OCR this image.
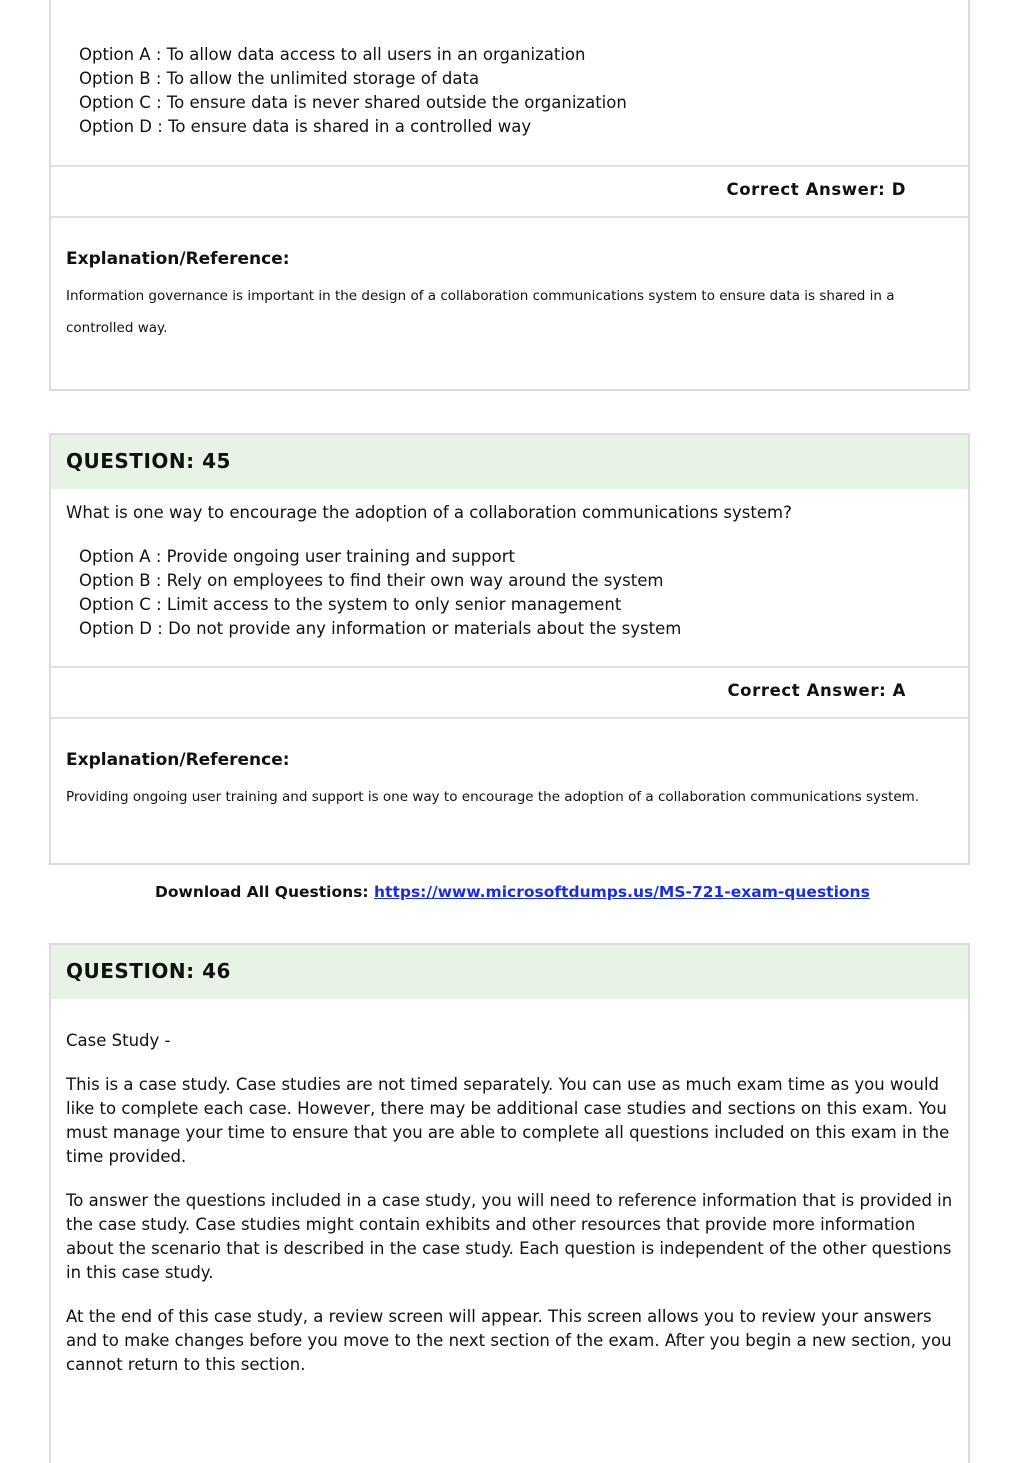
Option A : To allow data access to all users in an organization
Option B : To allow the unlimited storage of data
Option C : To ensure data is never shared outside the organization
Option D : To ensure data is shared in a controlled way
Correct Answer: D
Explanation/Reference:
Information governance is important in the design of a collaboration communications system to ensure data is shared in a controlled way.
QUESTION: 45
What is one way to encourage the adoption of a collaboration communications system?
Option A : Provide ongoing user training and support
Option B : Rely on employees to find their own way around the system
Option C : Limit access to the system to only senior management
Option D : Do not provide any information or materials about the system
Correct Answer: A
Explanation/Reference:
Providing ongoing user training and support is one way to encourage the adoption of a collaboration communications system.
Download All Questions: https://www.microsoftdumps.us/MS-721-exam-questions
QUESTION: 46

Case Study -

This is a case study. Case studies are not timed separately. You can use as much exam time as you would like to complete each case. However, there may be additional case studies and sections on this exam. You must manage your time to ensure that you are able to complete all questions included on this exam in the time provided.

To answer the questions included in a case study, you will need to reference information that is provided in the case study. Case studies might contain exhibits and other resources that provide more information about the scenario that is described in the case study. Each question is independent of the other questions in this case study.

At the end of this case study, a review screen will appear. This screen allows you to review your answers and to make changes before you move to the next section of the exam. After you begin a new section, you cannot return to this section.
